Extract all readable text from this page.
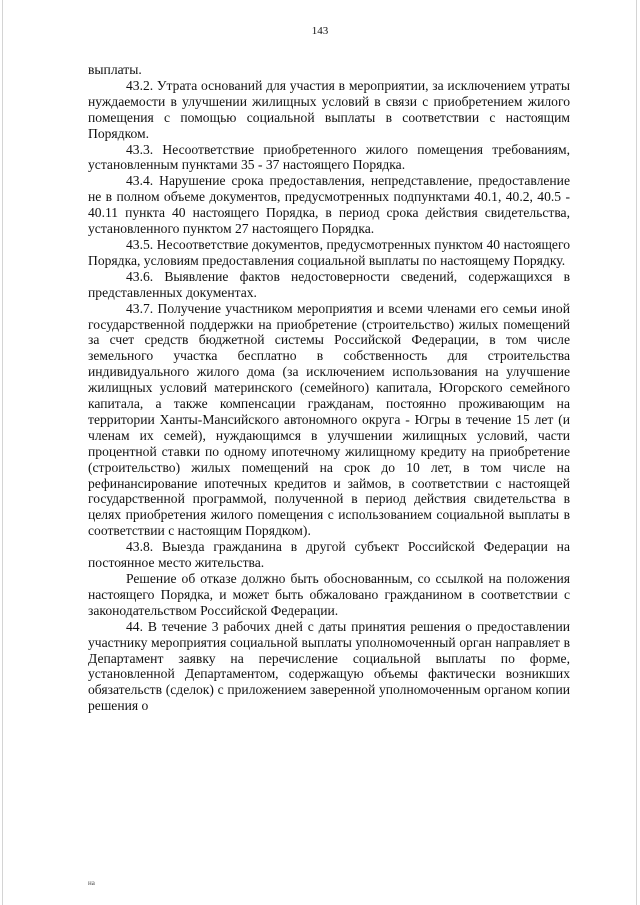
143

выплаты.

43.2. Утрата оснований для участия в мероприятии, за исключением утраты нуждаемости в улучшении жилищных условий в связи с приобретением жилого помещения с помощью социальной выплаты в соответствии с настоящим Порядком.

43.3. Несоответствие приобретенного жилого помещения требованиям, установленным пунктами 35 - 37 настоящего Порядка.

43.4. Нарушение срока предоставления, непредставление, предоставление не в полном объеме документов, предусмотренных подпунктами 40.1, 40.2, 40.5 - 40.11 пункта 40 настоящего Порядка, в период срока действия свидетельства, установленного пунктом 27 настоящего Порядка.

43.5. Несоответствие документов, предусмотренных пунктом 40 настоящего Порядка, условиям предоставления социальной выплаты по настоящему Порядку.

43.6. Выявление фактов недостоверности сведений, содержащихся в представленных документах.

43.7. Получение участником мероприятия и всеми членами его семьи иной государственной поддержки на приобретение (строительство) жилых помещений за счет средств бюджетной системы Российской Федерации, в том числе земельного участка бесплатно в собственность для строительства индивидуального жилого дома (за исключением использования на улучшение жилищных условий материнского (семейного) капитала, Югорского семейного капитала, а также компенсации гражданам, постоянно проживающим на территории Ханты-Мансийского автономного округа - Югры в течение 15 лет (и членам их семей), нуждающимся в улучшении жилищных условий, части процентной ставки по одному ипотечному жилищному кредиту на приобретение (строительство) жилых помещений на срок до 10 лет, в том числе на рефинансирование ипотечных кредитов и займов, в соответствии с настоящей государственной программой, полученной в период действия свидетельства в целях приобретения жилого помещения с использованием социальной выплаты в соответствии с настоящим Порядком).

43.8. Выезда гражданина в другой субъект Российской Федерации на постоянное место жительства.

Решение об отказе должно быть обоснованным, со ссылкой на положения настоящего Порядка, и может быть обжаловано гражданином в соответствии с законодательством Российской Федерации.

44. В течение 3 рабочих дней с даты принятия решения о предоставлении участнику мероприятия социальной выплаты уполномоченный орган направляет в Департамент заявку на перечисление социальной выплаты по форме, установленной Департаментом, содержащую объемы фактически возникших обязательств (сделок) с приложением заверенной уполномоченным органом копии решения о

на
